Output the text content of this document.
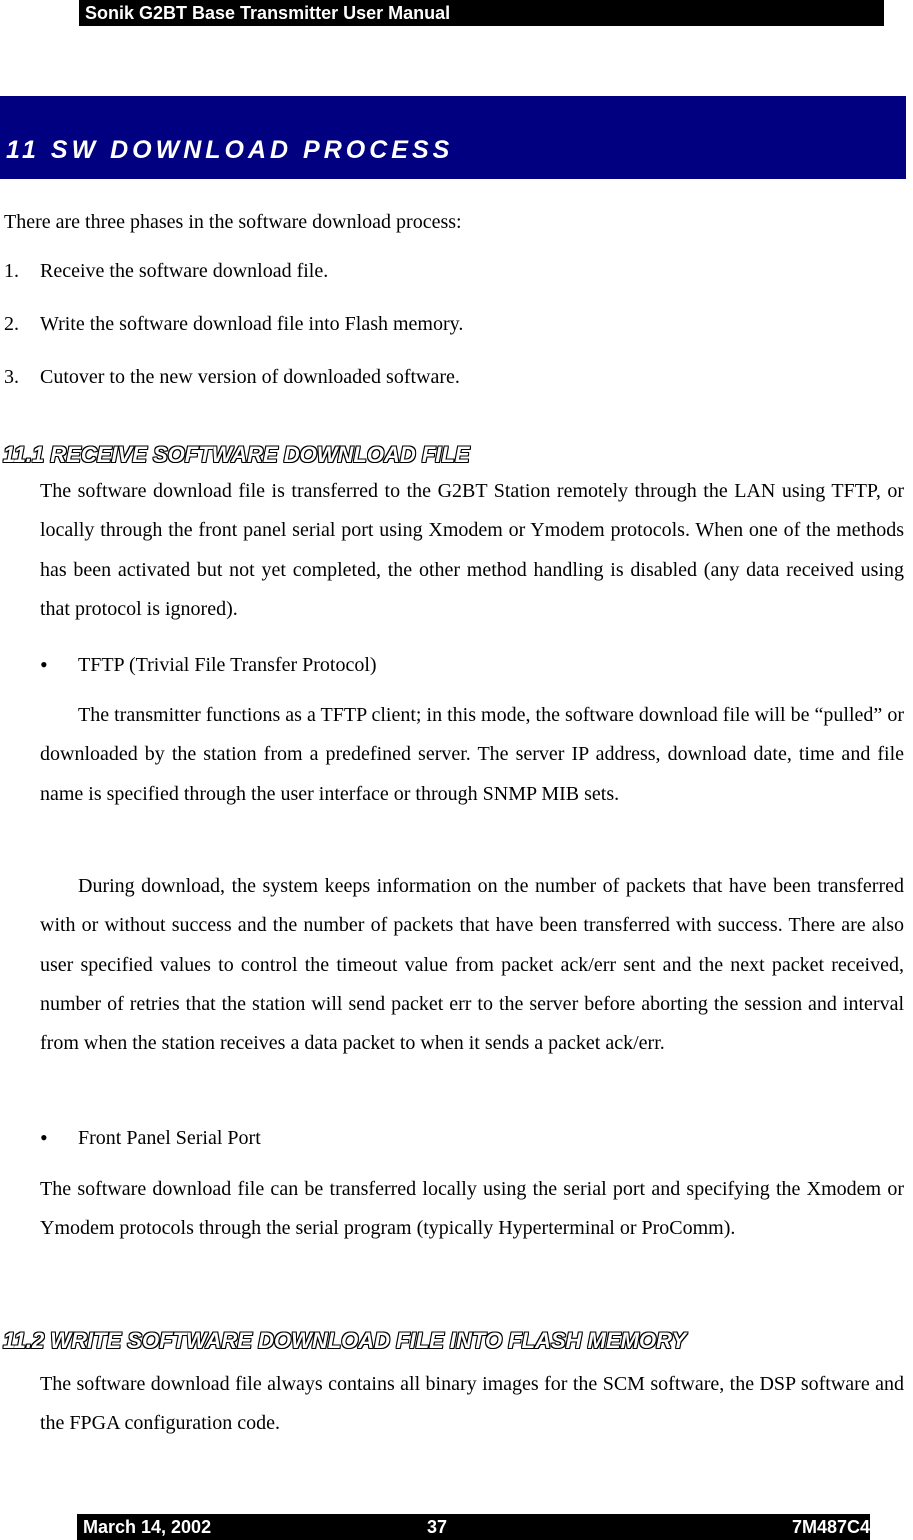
Sonik G2BT Base Transmitter User Manual
11 SW DOWNLOAD PROCESS
There are three phases in the software download process:
1. Receive the software download file.
2. Write the software download file into Flash memory.
3. Cutover to the new version of downloaded software.
11.1 RECEIVE SOFTWARE DOWNLOAD FILE
The software download file is transferred to the G2BT Station remotely through the LAN using TFTP, or locally through the front panel serial port using Xmodem or Ymodem protocols. When one of the methods has been activated but not yet completed, the other method handling is disabled (any data received using that protocol is ignored).
• TFTP (Trivial File Transfer Protocol)
The transmitter functions as a TFTP client; in this mode, the software download file will be “pulled” or downloaded by the station from a predefined server. The server IP address, download date, time and file name is specified through the user interface or through SNMP MIB sets.
During download, the system keeps information on the number of packets that have been transferred with or without success and the number of packets that have been transferred with success. There are also user specified values to control the timeout value from packet ack/err sent and the next packet received, number of retries that the station will send packet err to the server before aborting the session and interval from when the station receives a data packet to when it sends a packet ack/err.
• Front Panel Serial Port
The software download file can be transferred locally using the serial port and specifying the Xmodem or Ymodem protocols through the serial program (typically Hyperterminal or ProComm).
11.2 WRITE SOFTWARE DOWNLOAD FILE INTO FLASH MEMORY
The software download file always contains all binary images for the SCM software, the DSP software and the FPGA configuration code.
March 14, 2002	37	7M487C4
